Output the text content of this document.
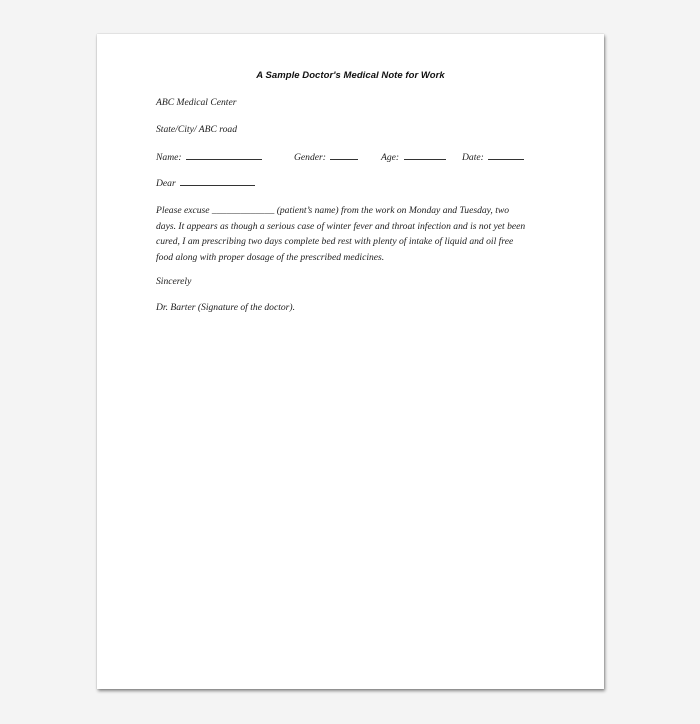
A Sample Doctor's Medical Note for Work
ABC Medical Center
State/City/ ABC road
Name:	Gender:	Age:	Date:
Dear
Please excuse _____________ (patient’s name) from the work on Monday and Tuesday, two
days. It appears as though a serious case of winter fever and throat infection and is not yet been
cured, I am prescribing two days complete bed rest with plenty of intake of liquid and oil free
food along with proper dosage of the prescribed medicines.
Sincerely
Dr. Barter (Signature of the doctor).
